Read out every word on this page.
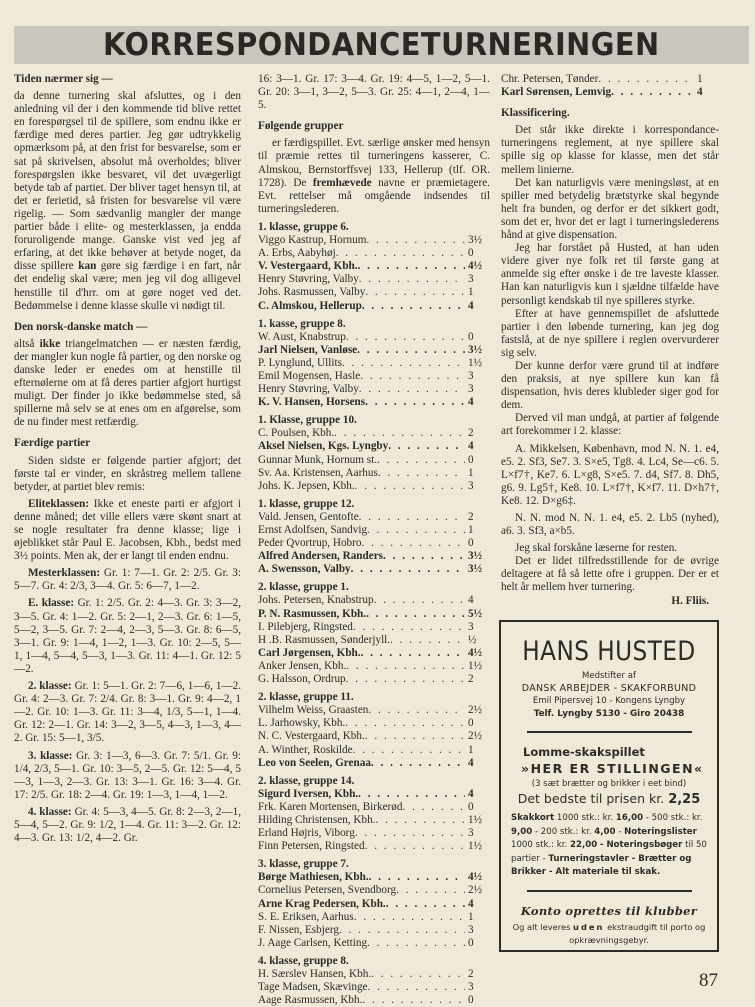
KORRESPONDANCETURNERINGEN
Tiden nærmer sig —

da denne turnering skal afsluttes, og i den anledning vil der i den kommende tid blive rettet en forespørgsel til de spillere, som endnu ikke er færdige med deres partier. Jeg gør udtrykkelig opmærksom på, at den frist for besvarelse, som er sat på skrivelsen, absolut må overholdes; bliver forespørgslen ikke besvaret, vil det uvægerligt betyde tab af partiet. Der bliver taget hensyn til, at det er ferietid, så fristen for besvarelse vil være rigelig. — Som sædvanlig mangler der mange partier både i elite- og mesterklassen, ja endda foruroligende mange. Ganske vist ved jeg af erfaring, at det ikke behøver at betyde noget, da disse spillere kan gøre sig færdige i en fart, når det endelig skal være; men jeg vil dog alligevel henstille til d'hrr. om at gøre noget ved det. Bedømmelse i denne klasse skulle vi nødigt til.

Den norsk-danske match —

altså ikke triangelmatchen — er næsten færdig, der mangler kun nogle få partier, og den norske og danske leder er enedes om at henstille til efternølerne om at få deres partier afgjort hurtigst muligt. Der finder jo ikke bedømmelse sted, så spillerne må selv se at enes om en afgørelse, som de nu finder mest retfærdig.

Færdige partier

Siden sidste er følgende partier afgjort; det første tal er vinder, en skråstreg mellem tallene betyder, at partiet blev remis:

Eliteklassen: Ikke et eneste parti er afgjort i denne måned; det ville ellers være skønt snart at se nogle resultater fra denne klasse; lige i øjeblikket står Paul E. Jacobsen, Kbh., bedst med 3½ points. Men ak, der er langt til enden endnu.

Mesterklassen: Gr. 1: 7—1. Gr. 2: 2/5. Gr. 3: 5—7. Gr. 4: 2/3, 3—4. Gr. 5: 6—7, 1—2.

E. klasse: Gr. 1: 2/5. Gr. 2: 4—3. Gr. 3: 3—2, 3—5. Gr. 4: 1—2. Gr. 5: 2—1, 2—3. Gr. 6: 1—5, 5—2, 3—5. Gr. 7: 2—4, 2—3, 5—3. Gr. 8: 6—5, 3—1. Gr. 9: 1—4, 1—2, 1—3. Gr. 10: 2—5, 5—1, 1—4, 5—4, 5—3, 1—3. Gr. 11: 4—1. Gr. 12: 5—2.

2. klasse: Gr. 1: 5—1. Gr. 2: 7—6, 1—6, 1—2. Gr. 4: 2—3. Gr. 7: 2/4. Gr. 8: 3—1. Gr. 9: 4—2, 1—2. Gr. 10: 1—3. Gr. 11: 3—4, 1/3, 5—1, 1—4. Gr. 12: 2—1. Gr. 14: 3—2, 3—5, 4—3, 1—3, 4—2. Gr. 15: 5—1, 3/5.

3. klasse: Gr. 3: 1—3, 6—3. Gr. 7: 5/1. Gr. 9: 1/4, 2/3, 5—1. Gr. 10: 3—5, 2—5. Gr. 12: 5—4, 5—3, 1—3, 2—3. Gr. 13: 3—1. Gr. 16: 3—4. Gr. 17: 2/5. Gr. 18: 2—4. Gr. 19: 1—3, 1—4, 1—2.

4. klasse: Gr. 4: 5—3, 4—5. Gr. 8: 2—3, 2—1, 5—4, 5—2. Gr. 9: 1/2, 1—4. Gr. 11: 3—2. Gr. 12: 4—3. Gr. 13: 1/2, 4—2. Gr.

16: 3—1. Gr. 17: 3—4. Gr. 19: 4—5, 1—2, 5—1. Gr. 20: 3—1, 3—2, 5—3. Gr. 25: 4—1, 2—4, 1—5.

Følgende grupper

er færdigspillet. Evt. særlige ønsker med hensyn til præmie rettes til turneringens kasserer, C. Almskou, Bernstorffsvej 133, Hellerup (tlf. OR. 1728). De fremhævede navne er præmietagere. Evt. rettelser må omgående indsendes til turneringslederen.

1. klasse, gruppe 6.
Viggo Kastrup, Hornum . . .	3½
A. Erbs, Aabyhøj . . .	0
V. Vestergaard, Kbh. . . .	4½
Henry Støvring, Valby . . .	3
Johs. Rasmussen, Valby . . .	1
C. Almskou, Hellerup . . .	4
1. kasse, gruppe 8.
W. Aust, Knabstrup . . .	0
Jarl Nielsen, Vanløse . . .	3½
P. Lynglund, Ullits . . .	1½
Emil Mogensen, Hasle . . .	3
Henry Støvring, Valby . . .	3
K. V. Hansen, Horsens . . .	4
1. Klasse, gruppe 10.
C. Poulsen, Kbh. . . .	2
Aksel Nielsen, Kgs. Lyngby . . .	4
Gunnar Munk, Hornum st. . . .	0
Sv. Aa. Kristensen, Aarhus . . .	1
Johs. K. Jepsen, Kbh. . . .	3
1. klasse, gruppe 12.
Vald. Jensen, Gentofte . . .	2
Ernst Adolfsen, Sandvig . . .	1
Peder Qvortrup, Hobro . . .	0
Alfred Andersen, Randers . . .	3½
A. Swensson, Valby . . .	3½
2. klasse, gruppe 1.
Johs. Petersen, Knabstrup . . .	4
P. N. Rasmussen, Kbh. . . .	5½
I. Pilebjerg, Ringsted . . .	3
H .B. Rasmussen, Sønderjyll. . . .	½
Carl Jørgensen, Kbh. . . .	4½
Anker Jensen, Kbh. . . .	1½
G. Halsson, Ordrup . . .	2
2. klasse, gruppe 11.
Vilhelm Weiss, Graasten . . .	2½
L. Jarhowsky, Kbh. . . .	0
N. C. Vestergaard, Kbh. . . .	2½
A. Winther, Roskilde . . .	1
Leo von Seelen, Grenaa . . .	4
2. klasse, gruppe 14.
Sigurd Iversen, Kbh. . . .	4
Frk. Karen Mortensen, Birkerød . . .	0
Hilding Christensen, Kbh. . . .	1½
Erland Højris, Viborg . . .	3
Finn Petersen, Ringsted . . .	1½
3. klasse, gruppe 7.
Børge Mathiesen, Kbh. . . .	4½
Cornelius Petersen, Svendborg . . .	2½
Arne Krag Pedersen, Kbh. . . .	4
S. E. Eriksen, Aarhus . . .	1
F. Nissen, Esbjerg . . .	3
J. Aage Carlsen, Ketting . . .	0
4. klasse, gruppe 8.
H. Særslev Hansen, Kbh. . . .	2
Tage Madsen, Skævinge . . .	3
Aage Rasmussen, Kbh. . . .	0
Chr. Petersen, Tønder . . .	1
Karl Sørensen, Lemvig . . .	4
Klassificering.

Det står ikke direkte i korrespondance-turneringens reglement, at nye spillere skal spille sig op klasse for klasse, men det står mellem linierne.

Det kan naturligvis være meningsløst, at en spiller med betydelig brætstyrke skal begynde helt fra bunden, og derfor er det sikkert godt, som det er, hvor det er lagt i turneringslederens hånd at give dispensation.

Jeg har forstået på Husted, at han uden videre giver nye folk ret til første gang at anmelde sig efter ønske i de tre laveste klasser. Han kan naturligvis kun i sjældne tilfælde have personligt kendskab til nye spilleres styrke.

Efter at have gennemspillet de afsluttede partier i den løbende turnering, kan jeg dog fastslå, at de nye spillere i reglen overvurderer sig selv.

Der kunne derfor være grund til at indføre den praksis, at nye spillere kun kan få dispensation, hvis deres klubleder siger god for dem.

Derved vil man undgå, at partier af følgende art forekommer i 2. klasse:

A. Mikkelsen, København, mod N. N. 1. e4, e5. 2. Sf3, Se7. 3. S×e5, Tg8. 4. Lc4, Se—c6. 5. L×f7†, Ke7. 6. L×g8, S×e5. 7. d4, Sf7. 8. Dh5, g6. 9. Lg5†, Ke8. 10. L×f7†, K×f7. 11. D×h7†, Ke8. 12. D×g6‡.

N. N. mod N. N. 1. e4, e5. 2. Lb5 (nyhed), a6. 3. Sf3, a×b5.

Jeg skal forskåne læserne for resten.

Det er lidet tilfredsstillende for de øvrige deltagere at få så lette ofre i gruppen. Der er et helt år mellem hver turnering.

H. Fliis.
HANS HUSTED
Medstifter af
DANSK ARBEJDER - SKAKFORBUND
Emil Pipersvej 10 - Kongens Lyngby
Telf. Lyngby 5130 - Giro 20438
Lomme-skakspillet
»HER ER STILLINGEN«
(3 sæt brætter og brikker i eet bind)
Det bedste til prisen kr. 2,25
Skakkort 1000 stk.: kr. 16,00 - 500 stk.: kr. 9,00 - 200 stk.: kr. 4,00 - Noteringslister 1000 stk.: kr. 22,00 - Noteringsbøger til 50 partier - Turneringstavler - Brætter og Brikker - Alt materiale til skak.
Konto oprettes til klubber
Og alt leveres uden ekstraudgift til porto og opkrævningsgebyr.
87
